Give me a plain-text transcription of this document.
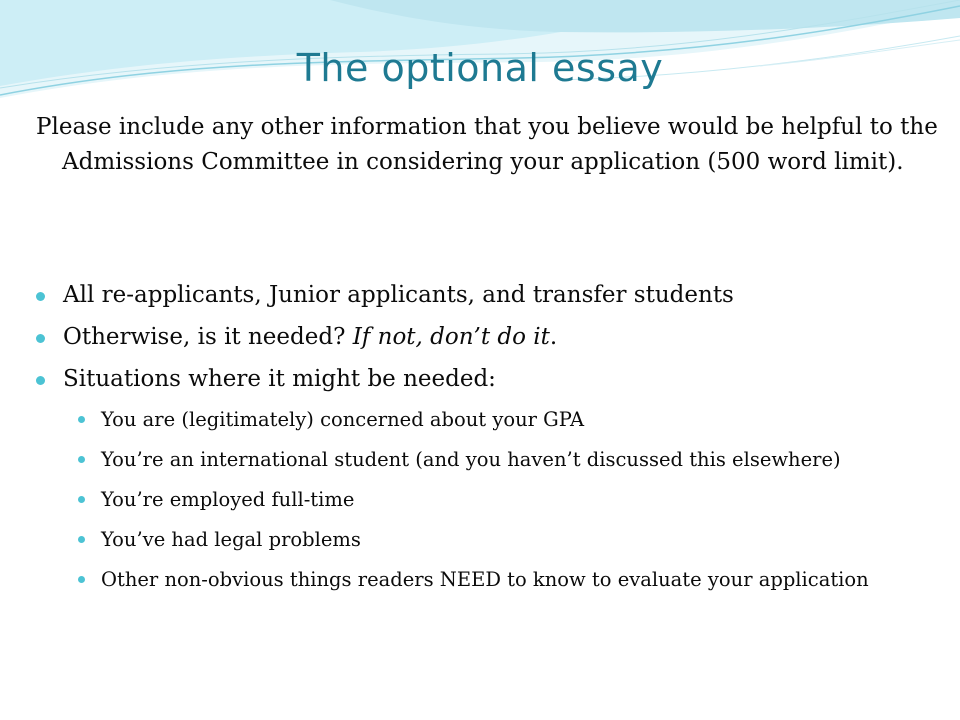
The optional essay
Please include any other information that you believe would be helpful to the Admissions Committee in considering your application (500 word limit).
All re-applicants, Junior applicants, and transfer students
Otherwise, is it needed? If not, don’t do it.
Situations where it might be needed:
You are (legitimately) concerned about your GPA
You’re an international student (and you haven’t discussed this elsewhere)
You’re employed full-time
You’ve had legal problems
Other non-obvious things readers NEED to know to evaluate your application
